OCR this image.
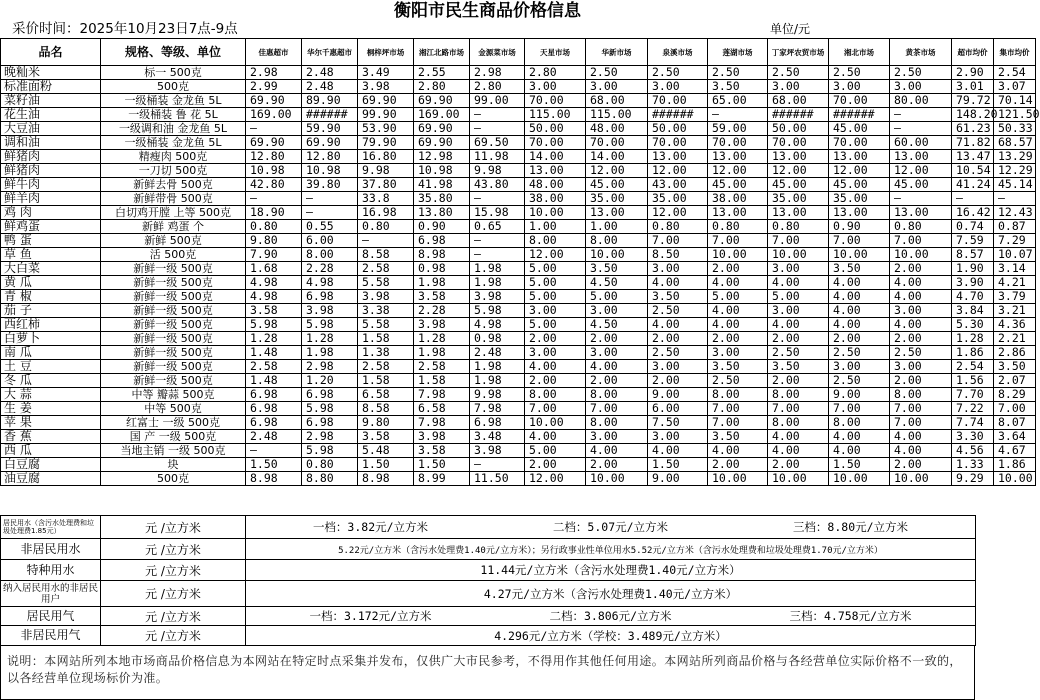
衡阳市民生商品价格信息
采价时间：2025年10月23日7点-9点	单位/元
品名	规格、等级、单位	佳惠超市	华尔千惠超市	桐梓坪市场	湘江北路市场	金源菜市场	天星市场	华新市场	泉溪市场	莲湖市场	丁家坪农贸市场	湘北市场	黄茶市场	超市均价	集市均价
晚籼米	标一 500克	2.98	2.48	3.49	2.55	2.98	2.80	2.50	2.50	2.50	2.50	2.50	2.50	2.90	2.54
标准面粉	500克	2.99	2.48	3.98	2.80	2.80	3.00	3.00	3.00	3.50	3.00	3.00	3.00	3.01	3.07
菜籽油	一级桶装 金龙鱼 5L	69.90	89.90	69.90	69.90	99.00	70.00	68.00	70.00	65.00	68.00	70.00	80.00	79.72	70.14
花生油	一级桶装 鲁 花 5L	169.00	######	99.90	169.00	—	115.00	115.00	######	—	######	######	—	148.20	121.50
大豆油	一级调和油 金龙鱼 5L	—	59.90	53.90	69.90	—	50.00	48.00	50.00	59.00	50.00	45.00	—	61.23	50.33
调和油	一级桶装 金龙鱼 5L	69.90	69.90	79.90	69.90	69.50	70.00	70.00	70.00	70.00	70.00	70.00	60.00	71.82	68.57
鲜猪肉	精瘦肉 500克	12.80	12.80	16.80	12.98	11.98	14.00	14.00	13.00	13.00	13.00	13.00	13.00	13.47	13.29
鲜猪肉	一刀切 500克	10.98	10.98	9.98	10.98	9.98	13.00	12.00	12.00	12.00	12.00	12.00	12.00	10.54	12.29
鲜牛肉	新鲜去骨 500克	42.80	39.80	37.80	41.98	43.80	48.00	45.00	43.00	45.00	45.00	45.00	45.00	41.24	45.14
鲜羊肉	新鲜带骨 500克	—	—	33.8	35.80	—	38.00	35.00	35.00	38.00	35.00	35.00	—	—	—
鸡 肉	白切鸡开膛 上等 500克	18.90	—	16.98	13.80	15.98	10.00	13.00	12.00	13.00	13.00	13.00	13.00	16.42	12.43
鲜鸡蛋	新鲜 鸡蛋 个	0.80	0.55	0.80	0.90	0.65	1.00	1.00	0.80	0.80	0.80	0.90	0.80	0.74	0.87
鸭 蛋	新鲜 500克	9.80	6.00	—	6.98	—	8.00	8.00	7.00	7.00	7.00	7.00	7.00	7.59	7.29
草 鱼	活 500克	7.90	8.00	8.58	8.98	—	12.00	10.00	8.50	10.00	10.00	10.00	10.00	8.57	10.07
大白菜	新鲜一级 500克	1.68	2.28	2.58	0.98	1.98	5.00	3.50	3.00	2.00	3.00	3.50	2.00	1.90	3.14
黄 瓜	新鲜一级 500克	4.98	4.98	5.58	1.98	1.98	5.00	4.50	4.00	4.00	4.00	4.00	4.00	3.90	4.21
青 椒	新鲜一级 500克	4.98	6.98	3.98	3.58	3.98	5.00	5.00	3.50	5.00	5.00	4.00	4.00	4.70	3.79
茄 子	新鲜一级 500克	3.58	3.98	3.38	2.28	5.98	3.00	3.00	2.50	4.00	3.00	4.00	3.00	3.84	3.21
西红柿	新鲜一级 500克	5.98	5.98	5.58	3.98	4.98	5.00	4.50	4.00	4.00	4.00	4.00	4.00	5.30	4.36
白萝卜	新鲜一级 500克	1.28	1.28	1.58	1.28	0.98	2.00	2.00	2.00	2.00	2.00	2.00	2.00	1.28	2.21
南 瓜	新鲜一级 500克	1.48	1.98	1.38	1.98	2.48	3.00	3.00	2.50	3.00	2.50	2.50	2.50	1.86	2.86
土 豆	新鲜一级 500克	2.58	2.98	2.58	2.58	1.98	4.00	4.00	3.00	3.50	3.50	3.00	3.00	2.54	3.50
冬 瓜	新鲜一级 500克	1.48	1.20	1.58	1.58	1.98	2.00	2.00	2.00	2.50	2.00	2.50	2.00	1.56	2.07
大 蒜	中等 瓣蒜 500克	6.98	6.98	6.58	7.98	9.98	8.00	8.00	9.00	8.00	8.00	9.00	8.00	7.70	8.29
生 姜	中等 500克	6.98	5.98	8.58	6.58	7.98	7.00	7.00	6.00	7.00	7.00	7.00	7.00	7.22	7.00
苹 果	红富士 一级 500克	6.98	6.98	9.80	7.98	6.98	10.00	8.00	7.50	7.00	8.00	8.00	7.00	7.74	8.07
香 蕉	国 产 一级 500克	2.48	2.98	3.58	3.98	3.48	4.00	3.00	3.00	3.50	4.00	4.00	4.00	3.30	3.64
西 瓜	当地主销 一级 500克	—	5.98	5.48	3.58	3.98	5.00	4.00	4.00	4.00	4.00	4.00	4.00	4.56	4.67
白豆腐	块	1.50	0.80	1.50	1.50	—	2.00	2.00	1.50	2.00	2.00	1.50	2.00	1.33	1.86
油豆腐	500克	8.98	8.80	8.98	8.99	11.50	12.00	10.00	9.00	10.00	10.00	10.00	10.00	9.29	10.00
居民用水（含污水处理费和垃圾处理费1.85元）	元 /立方米	一档：3.82元/立方米 二档：5.07元/立方米 三档：8.80元/立方米
非居民用水	元 /立方米	5.22元/立方米（含污水处理费1.40元/立方米）；另行政事业性单位用水5.52元/立方米（含污水处理费和垃圾处理费1.70元/立方米）
特种用水	元 /立方米	11.44元/立方米（含污水处理费1.40元/立方米）
纳入居民用水的非居民用户	元 /立方米	4.27元/立方米（含污水处理费1.40元/立方米）
居民用气	元 /立方米	一档：3.172元/立方米 二档：3.806元/立方米 三档：4.758元/立方米
非居民用气	元 /立方米	4.296元/立方米（学校：3.489元/立方米）
说明：本网站所列本地市场商品价格信息为本网站在特定时点采集并发布，仅供广大市民参考，不得用作其他任何用途。本网站所列商品价格与各经营单位实际价格不一致的，以各经营单位现场标价为准。
